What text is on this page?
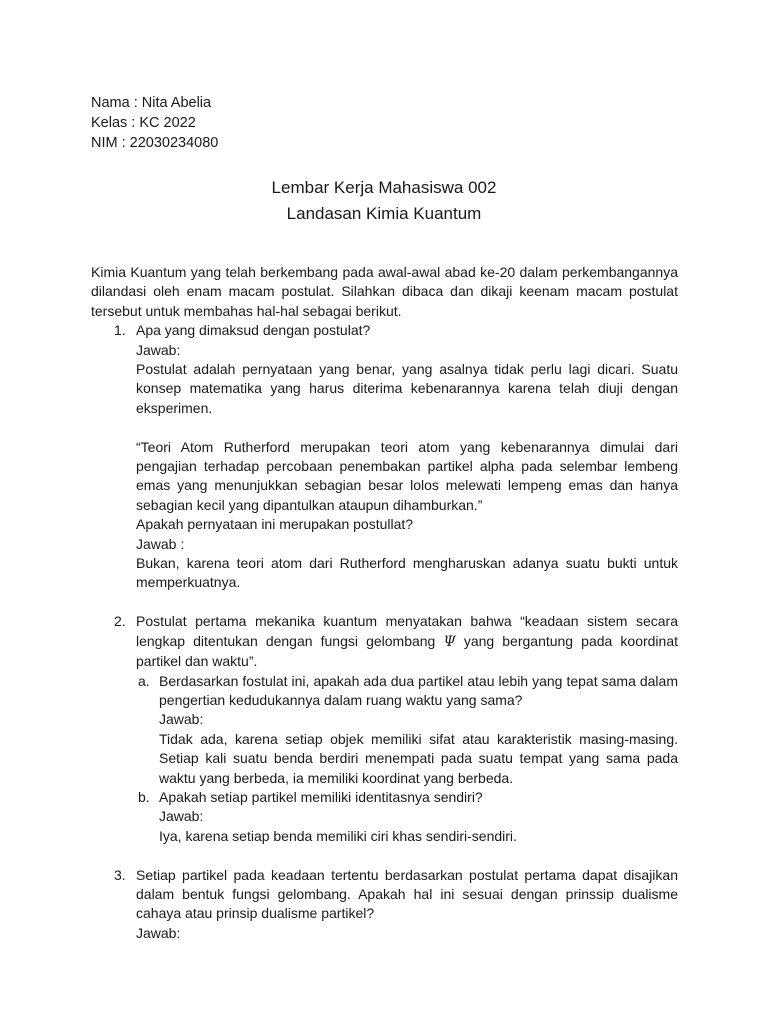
Nama : Nita Abelia
Kelas : KC 2022
NIM : 22030234080
Lembar Kerja Mahasiswa 002
Landasan Kimia Kuantum

Kimia Kuantum yang telah berkembang pada awal-awal abad ke-20 dalam perkembangannya dilandasi oleh enam macam postulat. Silahkan dibaca dan dikaji keenam macam postulat tersebut untuk membahas hal-hal sebagai berikut.

1. Apa yang dimaksud dengan postulat?

Jawab:

Postulat adalah pernyataan yang benar, yang asalnya tidak perlu lagi dicari. Suatu konsep matematika yang harus diterima kebenarannya karena telah diuji dengan eksperimen.

“Teori Atom Rutherford merupakan teori atom yang kebenarannya dimulai dari pengajian terhadap percobaan penembakan partikel alpha pada selembar lembeng emas yang menunjukkan sebagian besar lolos melewati lempeng emas dan hanya sebagian kecil yang dipantulkan ataupun dihamburkan.”

Apakah pernyataan ini merupakan postullat?

Jawab :

Bukan, karena teori atom dari Rutherford mengharuskan adanya suatu bukti untuk memperkuatnya.

2. Postulat pertama mekanika kuantum menyatakan bahwa “keadaan sistem secara lengkap ditentukan dengan fungsi gelombang Ψ yang bergantung pada koordinat partikel dan waktu”.

a. Berdasarkan fostulat ini, apakah ada dua partikel atau lebih yang tepat sama dalam pengertian kedudukannya dalam ruang waktu yang sama?

Jawab:

Tidak ada, karena setiap objek memiliki sifat atau karakteristik masing-masing. Setiap kali suatu benda berdiri menempati pada suatu tempat yang sama pada waktu yang berbeda, ia memiliki koordinat yang berbeda.

b. Apakah setiap partikel memiliki identitasnya sendiri?

Jawab:

Iya, karena setiap benda memiliki ciri khas sendiri-sendiri.

3. Setiap partikel pada keadaan tertentu berdasarkan postulat pertama dapat disajikan dalam bentuk fungsi gelombang. Apakah hal ini sesuai dengan prinssip dualisme cahaya atau prinsip dualisme partikel?

Jawab:
